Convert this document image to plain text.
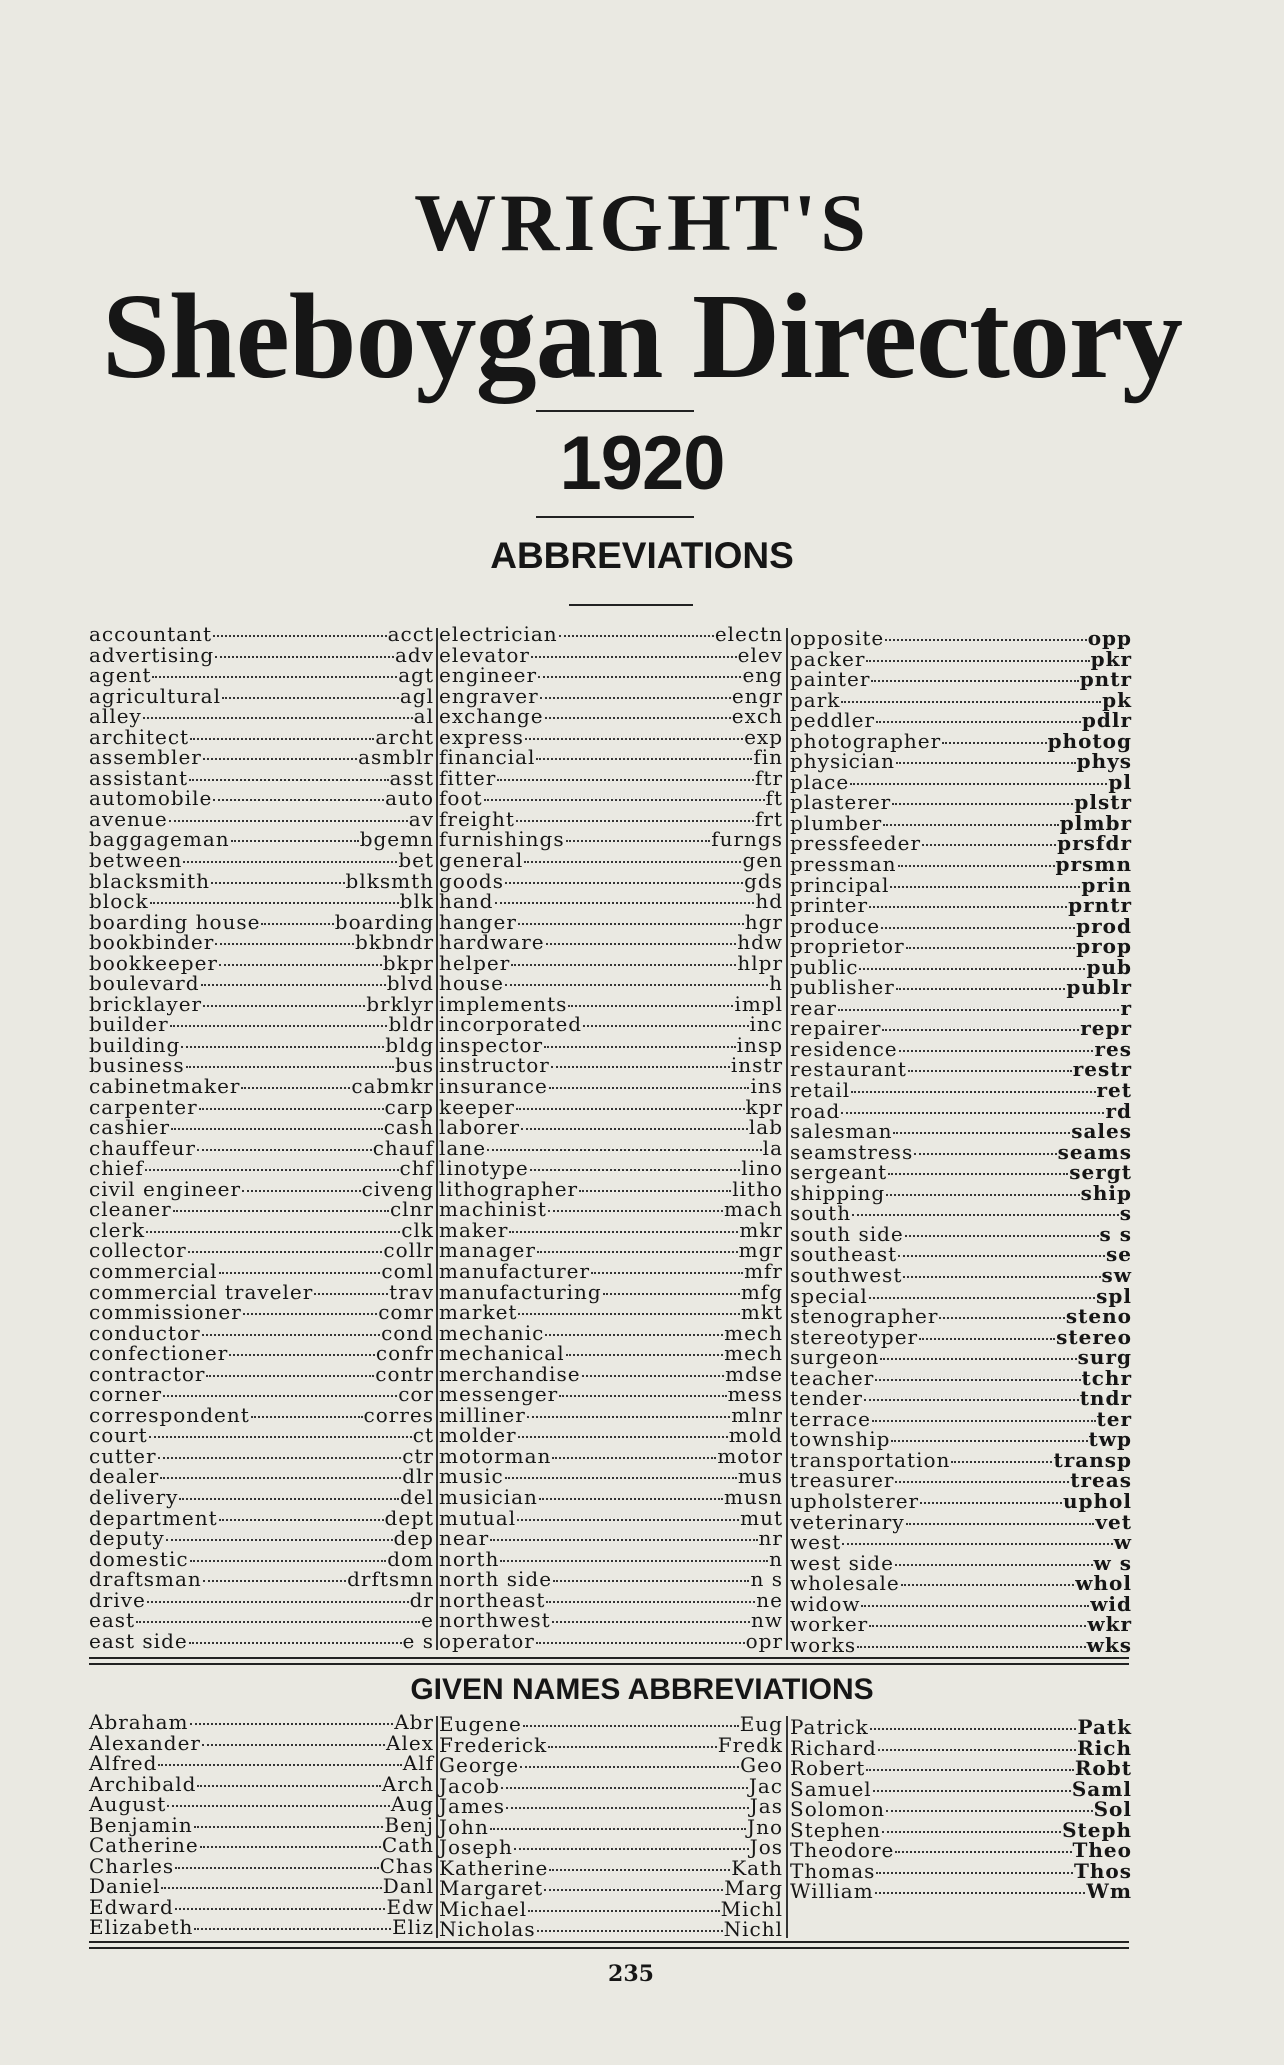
WRIGHT'S
Sheboygan Directory
1920
ABBREVIATIONS
accountant	acct
advertising	adv
agent	agt
agricultural	agl
alley	al
architect	archt
assembler	asmblr
assistant	asst
automobile	auto
avenue	av
baggageman	bgemn
between	bet
blacksmith	blksmth
block	blk
boarding house	boarding
bookbinder	bkbndr
bookkeeper	bkpr
boulevard	blvd
bricklayer	brklyr
builder	bldr
building	bldg
business	bus
cabinetmaker	cabmkr
carpenter	carp
cashier	cash
chauffeur	chauf
chief	chf
civil engineer	civeng
cleaner	clnr
clerk	clk
collector	collr
commercial	coml
commercial traveler	trav
commissioner	comr
conductor	cond
confectioner	confr
contractor	contr
corner	cor
correspondent	corres
court	ct
cutter	ctr
dealer	dlr
delivery	del
department	dept
deputy	dep
domestic	dom
draftsman	drftsmn
drive	dr
east	e
east side	e s
electrician	electn
elevator	elev
engineer	eng
engraver	engr
exchange	exch
express	exp
financial	fin
fitter	ftr
foot	ft
freight	frt
furnishings	furngs
general	gen
goods	gds
hand	hd
hanger	hgr
hardware	hdw
helper	hlpr
house	h
implements	impl
incorporated	inc
inspector	insp
instructor	instr
insurance	ins
keeper	kpr
laborer	lab
lane	la
linotype	lino
lithographer	litho
machinist	mach
maker	mkr
manager	mgr
manufacturer	mfr
manufacturing	mfg
market	mkt
mechanic	mech
mechanical	mech
merchandise	mdse
messenger	mess
milliner	mlnr
molder	mold
motorman	motor
music	mus
musician	musn
mutual	mut
near	nr
north	n
north side	n s
northeast	ne
northwest	nw
operator	opr
opposite	opp
packer	pkr
painter	pntr
park	pk
peddler	pdlr
photographer	photog
physician	phys
place	pl
plasterer	plstr
plumber	plmbr
pressfeeder	prsfdr
pressman	prsmn
principal	prin
printer	prntr
produce	prod
proprietor	prop
public	pub
publisher	publr
rear	r
repairer	repr
residence	res
restaurant	restr
retail	ret
road	rd
salesman	sales
seamstress	seams
sergeant	sergt
shipping	ship
south	s
south side	s s
southeast	se
southwest	sw
special	spl
stenographer	steno
stereotyper	stereo
surgeon	surg
teacher	tchr
tender	tndr
terrace	ter
township	twp
transportation	transp
treasurer	treas
upholsterer	uphol
veterinary	vet
west	w
west side	w s
wholesale	whol
widow	wid
worker	wkr
works	wks
GIVEN NAMES ABBREVIATIONS
Abraham	Abr
Alexander	Alex
Alfred	Alf
Archibald	Arch
August	Aug
Benjamin	Benj
Catherine	Cath
Charles	Chas
Daniel	Danl
Edward	Edw
Elizabeth	Eliz
Eugene	Eug
Frederick	Fredk
George	Geo
Jacob	Jac
James	Jas
John	Jno
Joseph	Jos
Katherine	Kath
Margaret	Marg
Michael	Michl
Nicholas	Nichl
Patrick	Patk
Richard	Rich
Robert	Robt
Samuel	Saml
Solomon	Sol
Stephen	Steph
Theodore	Theo
Thomas	Thos
William	Wm
235
